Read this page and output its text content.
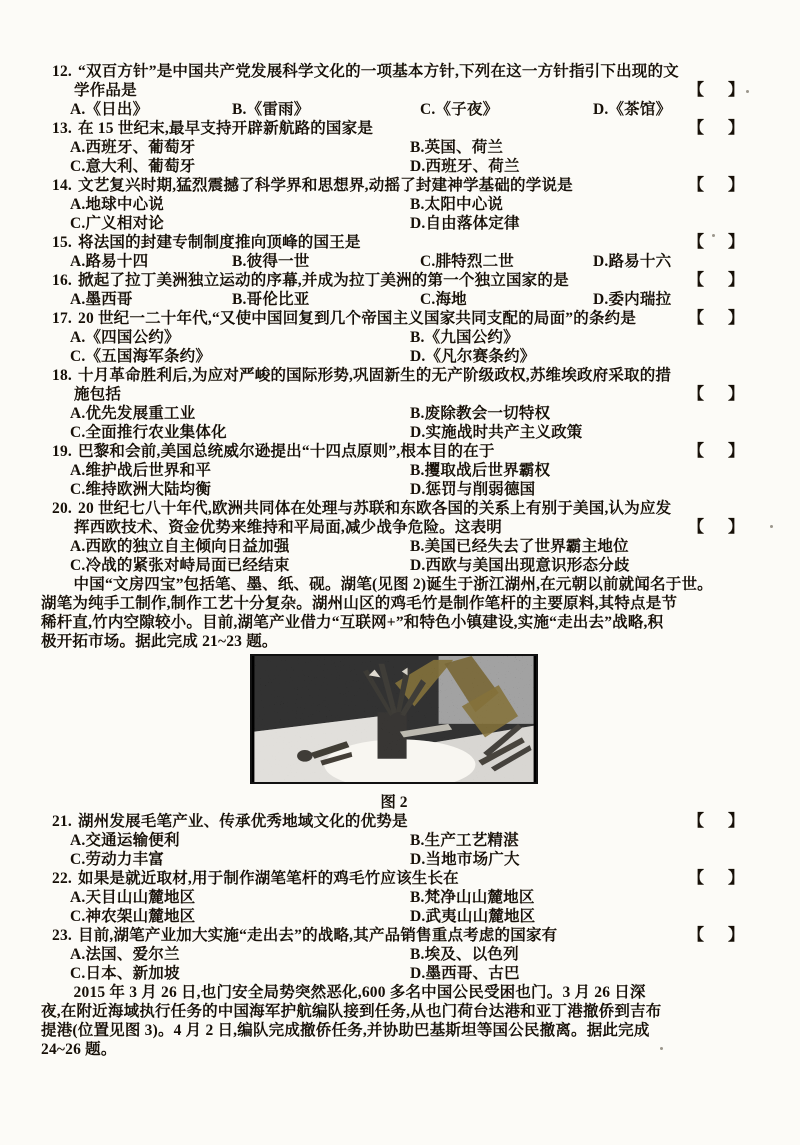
12. “双百方针”是中国共产党发展科学文化的一项基本方针,下列在这一方针指引下出现的文
学作品是	【 】
A.《日出》	B.《雷雨》	C.《子夜》	D.《茶馆》
13. 在 15 世纪末,最早支持开辟新航路的国家是	【 】
A.西班牙、葡萄牙	B.英国、荷兰
C.意大利、葡萄牙	D.西班牙、荷兰
14. 文艺复兴时期,猛烈震撼了科学界和思想界,动摇了封建神学基础的学说是	【 】
A.地球中心说	B.太阳中心说
C.广义相对论	D.自由落体定律
15. 将法国的封建专制制度推向顶峰的国王是	【 】
A.路易十四	B.彼得一世	C.腓特烈二世	D.路易十六
16. 掀起了拉丁美洲独立运动的序幕,并成为拉丁美洲的第一个独立国家的是	【 】
A.墨西哥	B.哥伦比亚	C.海地	D.委内瑞拉
17. 20 世纪一二十年代,“又使中国回复到几个帝国主义国家共同支配的局面”的条约是	【 】
A.《四国公约》	B.《九国公约》
C.《五国海军条约》	D.《凡尔赛条约》
18. 十月革命胜利后,为应对严峻的国际形势,巩固新生的无产阶级政权,苏维埃政府采取的措
施包括	【 】
A.优先发展重工业	B.废除教会一切特权
C.全面推行农业集体化	D.实施战时共产主义政策
19. 巴黎和会前,美国总统威尔逊提出“十四点原则”,根本目的在于	【 】
A.维护战后世界和平	B.攫取战后世界霸权
C.维持欧洲大陆均衡	D.惩罚与削弱德国
20. 20 世纪七八十年代,欧洲共同体在处理与苏联和东欧各国的关系上有别于美国,认为应发
挥西欧技术、资金优势来维持和平局面,减少战争危险。这表明	【 】
A.西欧的独立自主倾向日益加强	B.美国已经失去了世界霸主地位
C.冷战的紧张对峙局面已经结束	D.西欧与美国出现意识形态分歧
中国“文房四宝”包括笔、墨、纸、砚。湖笔(见图 2)诞生于浙江湖州,在元朝以前就闻名于世。
湖笔为纯手工制作,制作工艺十分复杂。湖州山区的鸡毛竹是制作笔杆的主要原料,其特点是节
稀杆直,竹内空隙较小。目前,湖笔产业借力“互联网+”和特色小镇建设,实施“走出去”战略,积
极开拓市场。据此完成 21~23 题。
图 2
21. 湖州发展毛笔产业、传承优秀地域文化的优势是	【 】
A.交通运输便利	B.生产工艺精湛
C.劳动力丰富	D.当地市场广大
22. 如果是就近取材,用于制作湖笔笔杆的鸡毛竹应该生长在	【 】
A.天目山山麓地区	B.梵净山山麓地区
C.神农架山麓地区	D.武夷山山麓地区
23. 目前,湖笔产业加大实施“走出去”的战略,其产品销售重点考虑的国家有	【 】
A.法国、爱尔兰	B.埃及、以色列
C.日本、新加坡	D.墨西哥、古巴
2015 年 3 月 26 日,也门安全局势突然恶化,600 多名中国公民受困也门。3 月 26 日深
夜,在附近海域执行任务的中国海军护航编队接到任务,从也门荷台达港和亚丁港撤侨到吉布
提港(位置见图 3)。4 月 2 日,编队完成撤侨任务,并协助巴基斯坦等国公民撤离。据此完成
24~26 题。
